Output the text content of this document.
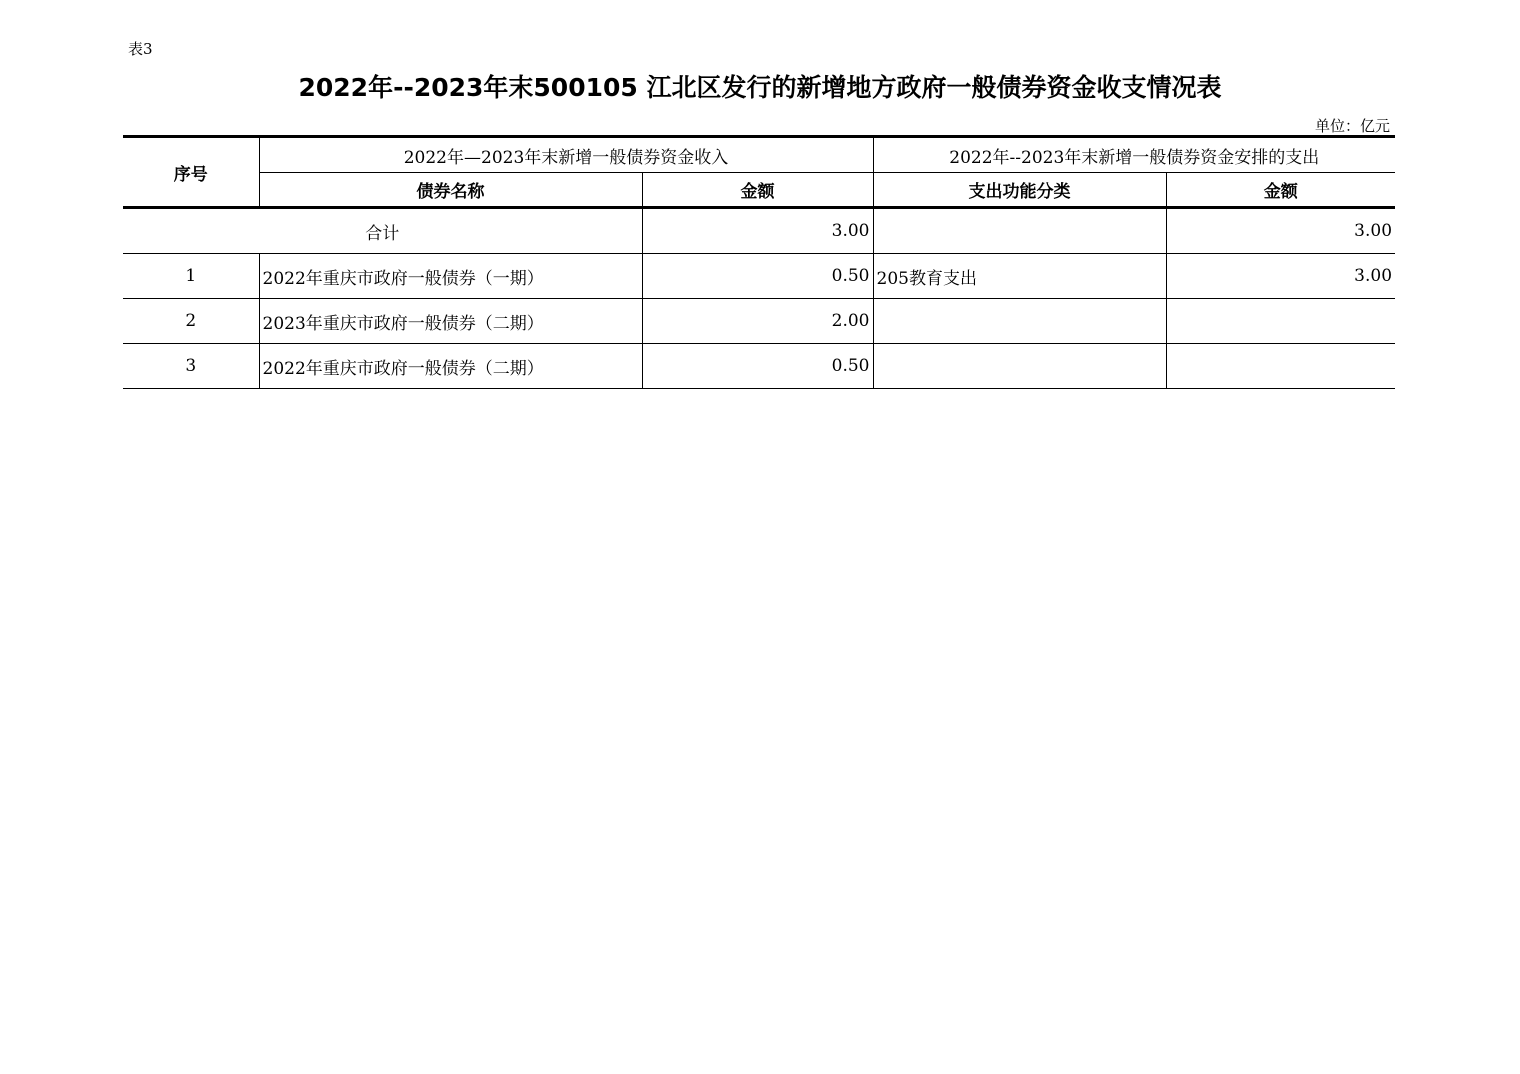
表3
2022年--2023年末500105 江北区发行的新增地方政府一般债券资金收支情况表
单位：亿元
序号	2022年—2023年末新增一般债券资金收入		2022年--2023年末新增一般债券资金安排的支出	
	债券名称	金额	支出功能分类	金额
合计		3.00		3.00
1	2022年重庆市政府一般债券（一期）	0.50	205教育支出	3.00
2	2023年重庆市政府一般债券（二期）	2.00		
3	2022年重庆市政府一般债券（二期）	0.50		
